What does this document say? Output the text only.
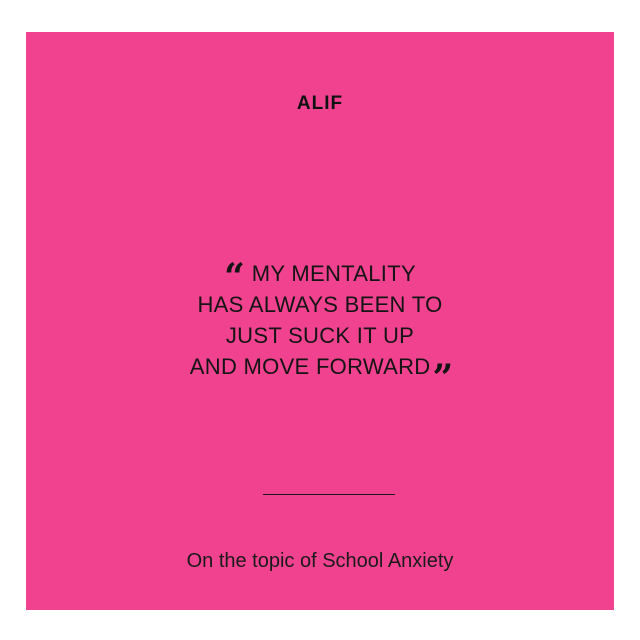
ALIF
“ MY MENTALITY
HAS ALWAYS BEEN TO
JUST SUCK IT UP
AND MOVE FORWARD”
On the topic of School Anxiety
